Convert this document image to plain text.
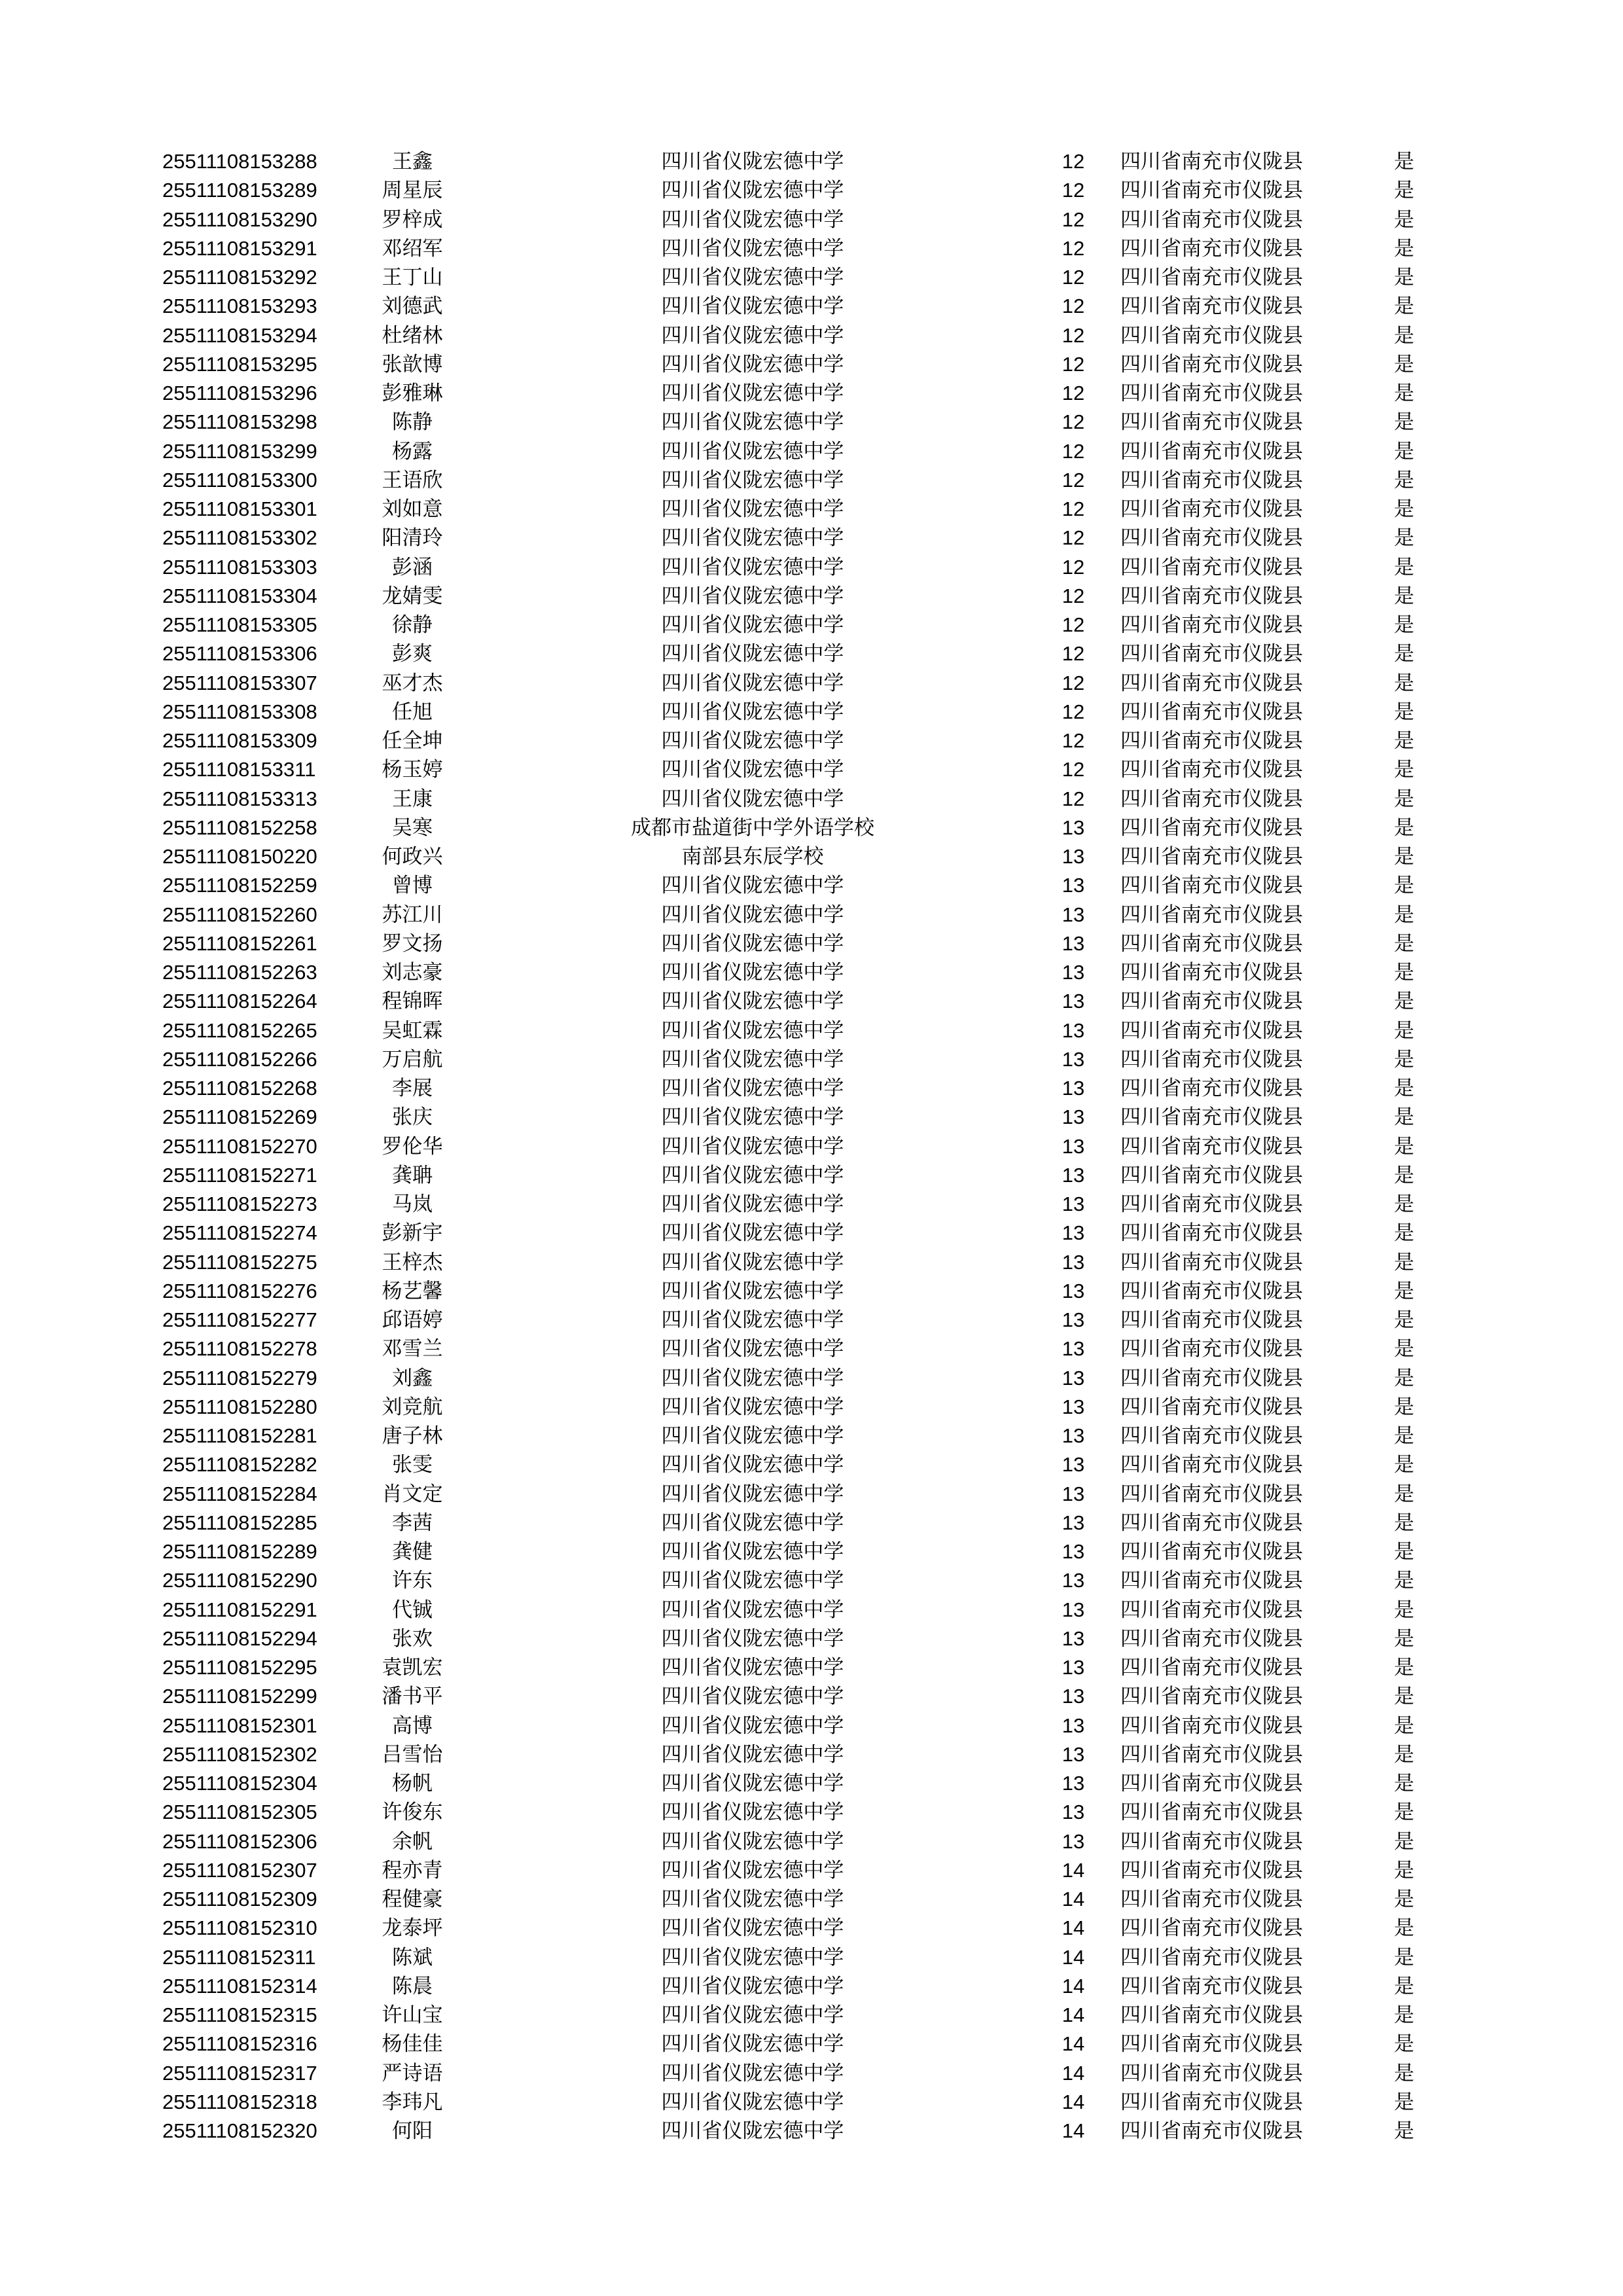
25511108153288	王鑫	四川省仪陇宏德中学	12	四川省南充市仪陇县	是
25511108153289	周星辰	四川省仪陇宏德中学	12	四川省南充市仪陇县	是
25511108153290	罗梓成	四川省仪陇宏德中学	12	四川省南充市仪陇县	是
25511108153291	邓绍军	四川省仪陇宏德中学	12	四川省南充市仪陇县	是
25511108153292	王丁山	四川省仪陇宏德中学	12	四川省南充市仪陇县	是
25511108153293	刘德武	四川省仪陇宏德中学	12	四川省南充市仪陇县	是
25511108153294	杜绪林	四川省仪陇宏德中学	12	四川省南充市仪陇县	是
25511108153295	张歆博	四川省仪陇宏德中学	12	四川省南充市仪陇县	是
25511108153296	彭雅琳	四川省仪陇宏德中学	12	四川省南充市仪陇县	是
25511108153298	陈静	四川省仪陇宏德中学	12	四川省南充市仪陇县	是
25511108153299	杨露	四川省仪陇宏德中学	12	四川省南充市仪陇县	是
25511108153300	王语欣	四川省仪陇宏德中学	12	四川省南充市仪陇县	是
25511108153301	刘如意	四川省仪陇宏德中学	12	四川省南充市仪陇县	是
25511108153302	阳清玲	四川省仪陇宏德中学	12	四川省南充市仪陇县	是
25511108153303	彭涵	四川省仪陇宏德中学	12	四川省南充市仪陇县	是
25511108153304	龙婧雯	四川省仪陇宏德中学	12	四川省南充市仪陇县	是
25511108153305	徐静	四川省仪陇宏德中学	12	四川省南充市仪陇县	是
25511108153306	彭爽	四川省仪陇宏德中学	12	四川省南充市仪陇县	是
25511108153307	巫才杰	四川省仪陇宏德中学	12	四川省南充市仪陇县	是
25511108153308	任旭	四川省仪陇宏德中学	12	四川省南充市仪陇县	是
25511108153309	任全坤	四川省仪陇宏德中学	12	四川省南充市仪陇县	是
25511108153311	杨玉婷	四川省仪陇宏德中学	12	四川省南充市仪陇县	是
25511108153313	王康	四川省仪陇宏德中学	12	四川省南充市仪陇县	是
25511108152258	吴寒	成都市盐道街中学外语学校	13	四川省南充市仪陇县	是
25511108150220	何政兴	南部县东辰学校	13	四川省南充市仪陇县	是
25511108152259	曾博	四川省仪陇宏德中学	13	四川省南充市仪陇县	是
25511108152260	苏江川	四川省仪陇宏德中学	13	四川省南充市仪陇县	是
25511108152261	罗文扬	四川省仪陇宏德中学	13	四川省南充市仪陇县	是
25511108152263	刘志豪	四川省仪陇宏德中学	13	四川省南充市仪陇县	是
25511108152264	程锦晖	四川省仪陇宏德中学	13	四川省南充市仪陇县	是
25511108152265	吴虹霖	四川省仪陇宏德中学	13	四川省南充市仪陇县	是
25511108152266	万启航	四川省仪陇宏德中学	13	四川省南充市仪陇县	是
25511108152268	李展	四川省仪陇宏德中学	13	四川省南充市仪陇县	是
25511108152269	张庆	四川省仪陇宏德中学	13	四川省南充市仪陇县	是
25511108152270	罗伦华	四川省仪陇宏德中学	13	四川省南充市仪陇县	是
25511108152271	龚聃	四川省仪陇宏德中学	13	四川省南充市仪陇县	是
25511108152273	马岚	四川省仪陇宏德中学	13	四川省南充市仪陇县	是
25511108152274	彭新宇	四川省仪陇宏德中学	13	四川省南充市仪陇县	是
25511108152275	王梓杰	四川省仪陇宏德中学	13	四川省南充市仪陇县	是
25511108152276	杨艺馨	四川省仪陇宏德中学	13	四川省南充市仪陇县	是
25511108152277	邱语婷	四川省仪陇宏德中学	13	四川省南充市仪陇县	是
25511108152278	邓雪兰	四川省仪陇宏德中学	13	四川省南充市仪陇县	是
25511108152279	刘鑫	四川省仪陇宏德中学	13	四川省南充市仪陇县	是
25511108152280	刘竞航	四川省仪陇宏德中学	13	四川省南充市仪陇县	是
25511108152281	唐子林	四川省仪陇宏德中学	13	四川省南充市仪陇县	是
25511108152282	张雯	四川省仪陇宏德中学	13	四川省南充市仪陇县	是
25511108152284	肖文定	四川省仪陇宏德中学	13	四川省南充市仪陇县	是
25511108152285	李茜	四川省仪陇宏德中学	13	四川省南充市仪陇县	是
25511108152289	龚健	四川省仪陇宏德中学	13	四川省南充市仪陇县	是
25511108152290	许东	四川省仪陇宏德中学	13	四川省南充市仪陇县	是
25511108152291	代铖	四川省仪陇宏德中学	13	四川省南充市仪陇县	是
25511108152294	张欢	四川省仪陇宏德中学	13	四川省南充市仪陇县	是
25511108152295	袁凯宏	四川省仪陇宏德中学	13	四川省南充市仪陇县	是
25511108152299	潘书平	四川省仪陇宏德中学	13	四川省南充市仪陇县	是
25511108152301	高博	四川省仪陇宏德中学	13	四川省南充市仪陇县	是
25511108152302	吕雪怡	四川省仪陇宏德中学	13	四川省南充市仪陇县	是
25511108152304	杨帆	四川省仪陇宏德中学	13	四川省南充市仪陇县	是
25511108152305	许俊东	四川省仪陇宏德中学	13	四川省南充市仪陇县	是
25511108152306	余帆	四川省仪陇宏德中学	13	四川省南充市仪陇县	是
25511108152307	程亦青	四川省仪陇宏德中学	14	四川省南充市仪陇县	是
25511108152309	程健豪	四川省仪陇宏德中学	14	四川省南充市仪陇县	是
25511108152310	龙泰坪	四川省仪陇宏德中学	14	四川省南充市仪陇县	是
25511108152311	陈斌	四川省仪陇宏德中学	14	四川省南充市仪陇县	是
25511108152314	陈晨	四川省仪陇宏德中学	14	四川省南充市仪陇县	是
25511108152315	许山宝	四川省仪陇宏德中学	14	四川省南充市仪陇县	是
25511108152316	杨佳佳	四川省仪陇宏德中学	14	四川省南充市仪陇县	是
25511108152317	严诗语	四川省仪陇宏德中学	14	四川省南充市仪陇县	是
25511108152318	李玮凡	四川省仪陇宏德中学	14	四川省南充市仪陇县	是
25511108152320	何阳	四川省仪陇宏德中学	14	四川省南充市仪陇县	是
